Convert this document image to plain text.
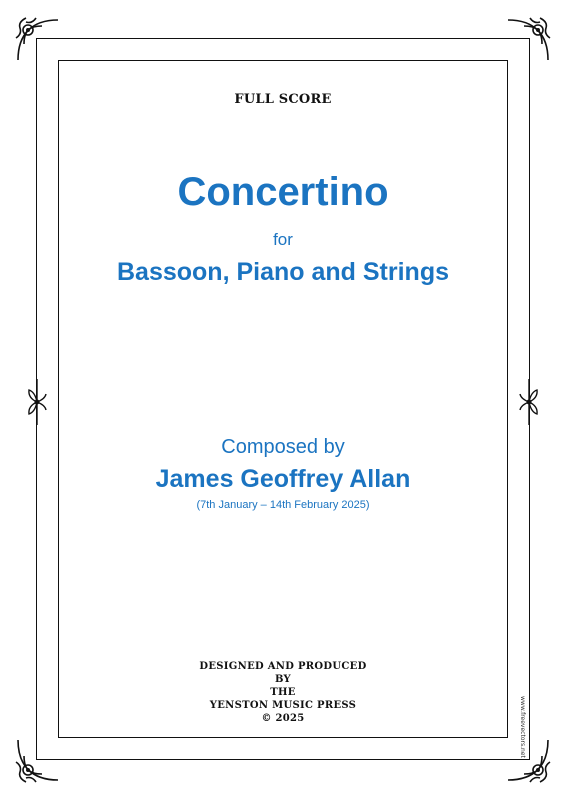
FULL SCORE
Concertino
for
Bassoon, Piano and Strings
Composed by
James Geoffrey Allan
(7th January – 14th February 2025)
DESIGNED AND PRODUCED
BY
THE
YENSTON MUSIC PRESS
© 2025	www.freevectors.net
